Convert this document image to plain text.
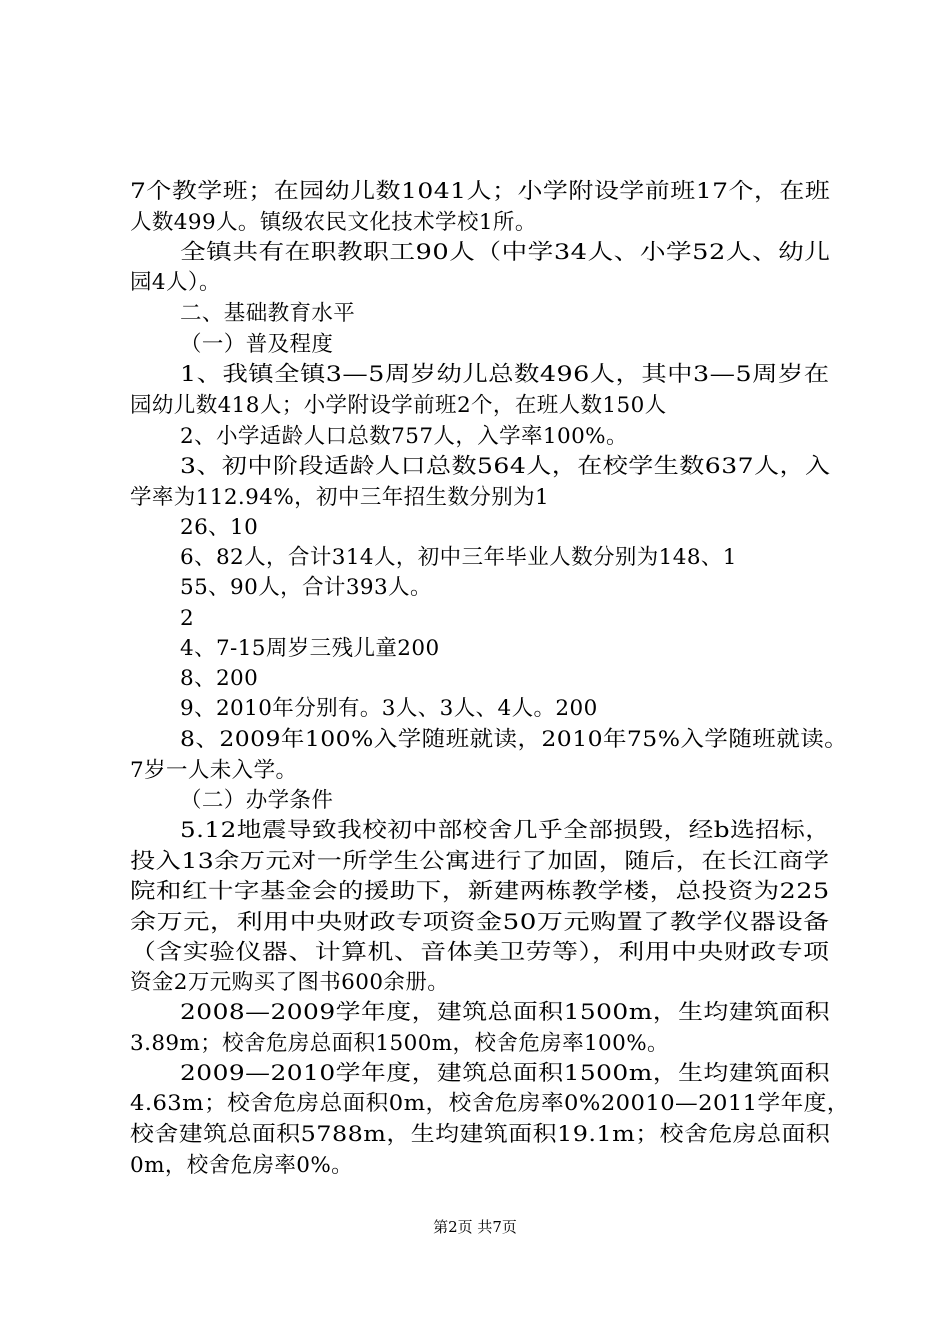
7个教学班；在园幼儿数1041人；小学附设学前班17个，在班
人数499人。镇级农民文化技术学校1所。
全镇共有在职教职工90人（中学34人、小学52人、幼儿
园4人）。
二、基础教育水平
（一）普及程度
1、我镇全镇3—5周岁幼儿总数496人，其中3—5周岁在
园幼儿数418人；小学附设学前班2个，在班人数150人
2、小学适龄人口总数757人，入学率100%。
3、初中阶段适龄人口总数564人，在校学生数637人，入
学率为112.94%，初中三年招生数分别为1
26、10
6、82人，合计314人，初中三年毕业人数分别为148、1
55、90人，合计393人。
2
4、7-15周岁三残儿童200
8、200
9、2010年分别有。3人、3人、4人。200
8、2009年100%入学随班就读，2010年75%入学随班就读。
7岁一人未入学。
（二）办学条件
5.12地震导致我校初中部校舍几乎全部损毁，经b选招标，
投入13余万元对一所学生公寓进行了加固，随后，在长江商学
院和红十字基金会的援助下，新建两栋教学楼，总投资为225
余万元，利用中央财政专项资金50万元购置了教学仪器设备
（含实验仪器、计算机、音体美卫劳等），利用中央财政专项
资金2万元购买了图书600余册。
2008—2009学年度，建筑总面积1500m，生均建筑面积
3.89m；校舍危房总面积1500m，校舍危房率100%。
2009—2010学年度，建筑总面积1500m，生均建筑面积
4.63m；校舍危房总面积0m，校舍危房率0%20010—2011学年度，
校舍建筑总面积5788m，生均建筑面积19.1m；校舍危房总面积
0m，校舍危房率0%。
第2页 共7页
